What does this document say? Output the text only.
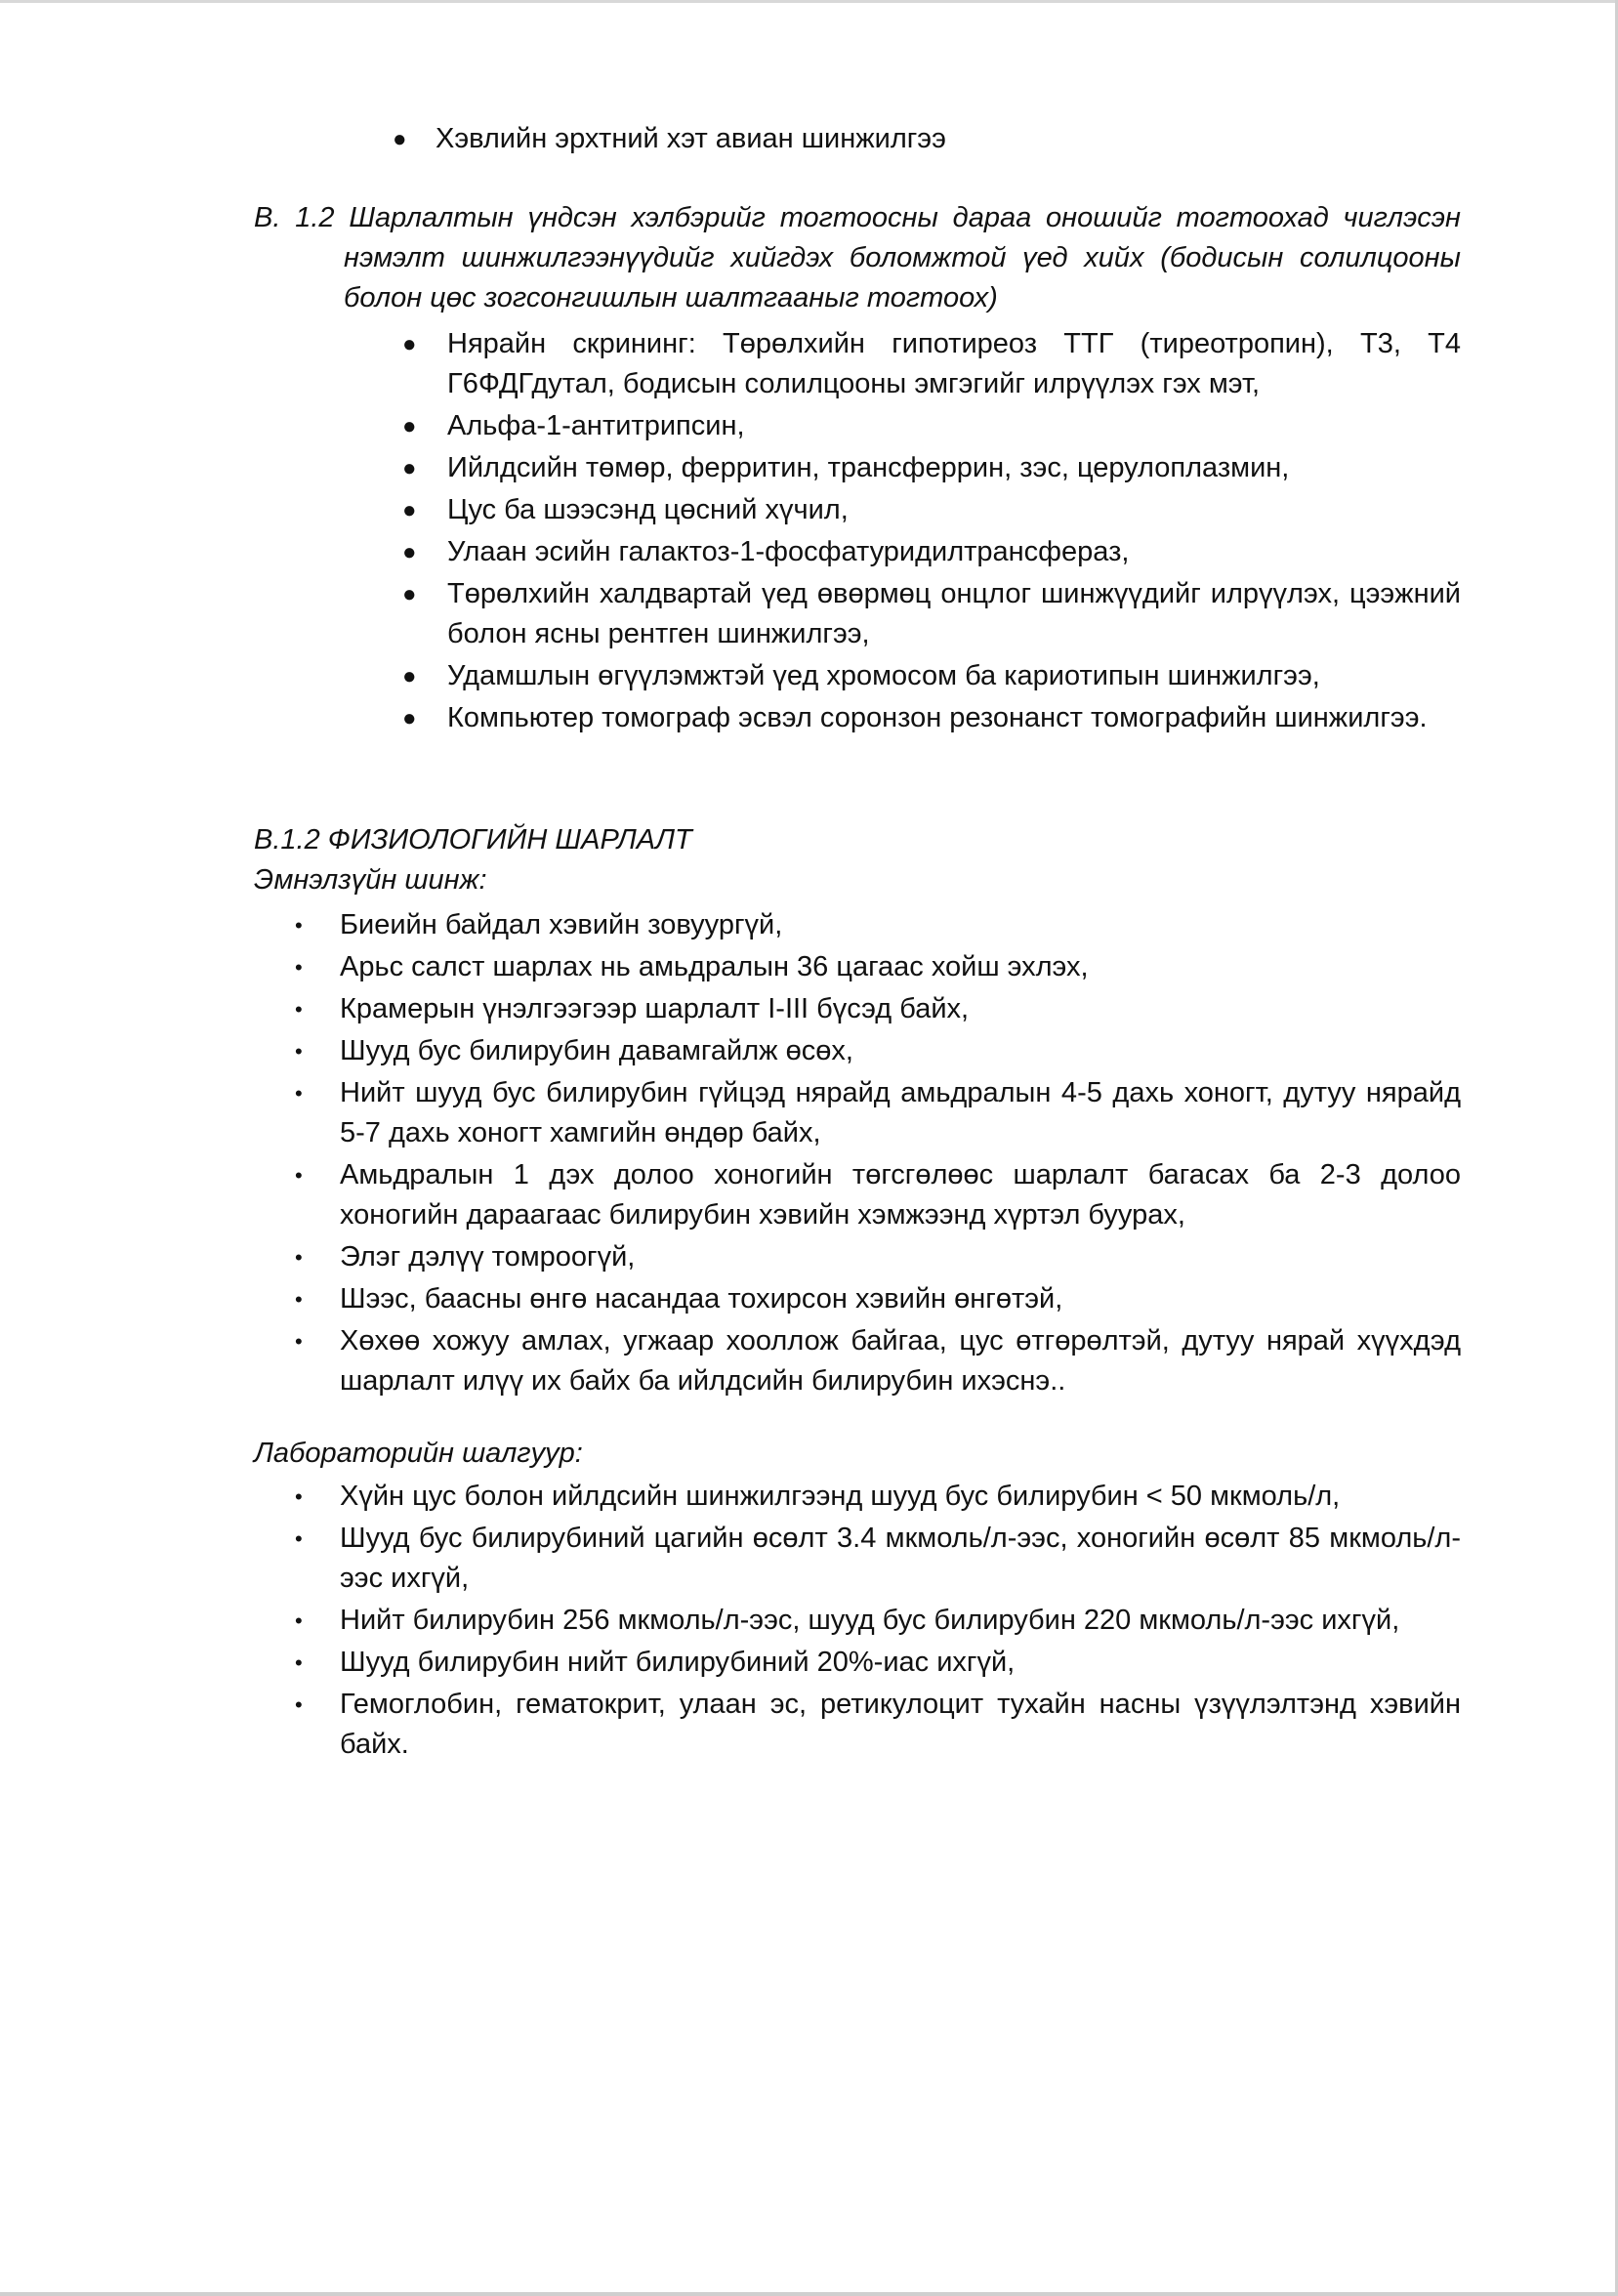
● Хэвлийн эрхтний хэт авиан шинжилгээ
В. 1.2 Шарлалтын үндсэн хэлбэрийг тогтоосны дараа оношийг тогтоохад чиглэсэн нэмэлт шинжилгээнүүдийг хийгдэх боломжтой үед хийх (бодисын солилцооны болон цөс зогсонгишлын шалтгааныг тогтоох)
● Нярайн скрининг: Төрөлхийн гипотиреоз ТТГ (тиреотропин), Т3, Т4 Г6ФДГдутал, бодисын солилцооны эмгэгийг илрүүлэх гэх мэт,
● Альфа-1-антитрипсин,
● Ийлдсийн төмөр, ферритин, трансферрин, зэс, церулоплазмин,
● Цус ба шээсэнд цөсний хүчил,
● Улаан эсийн галактоз-1-фосфатуридилтрансфераз,
● Төрөлхийн халдвартай үед өвөрмөц онцлог шинжүүдийг илрүүлэх, цээжний болон ясны рентген шинжилгээ,
● Удамшлын өгүүлэмжтэй үед хромосом ба кариотипын шинжилгээ,
● Компьютер томограф эсвэл соронзон резонанст томографийн шинжилгээ.
В.1.2 ФИЗИОЛОГИЙН ШАРЛАЛТ
Эмнэлзүйн шинж:
• Биеийн байдал хэвийн зовуургүй,
• Арьс салст шарлах нь амьдралын 36 цагаас хойш эхлэх,
• Крамерын үнэлгээгээр шарлалт I-III бүсэд байх,
• Шууд бус билирубин давамгайлж өсөх,
• Нийт шууд бус билирубин гүйцэд нярайд амьдралын 4-5 дахь хоногт, дутуу нярайд 5-7 дахь хоногт хамгийн өндөр байх,
• Амьдралын 1 дэх долоо хоногийн төгсгөлөөс шарлалт багасах ба 2-3 долоо хоногийн дараагаас билирубин хэвийн хэмжээнд хүртэл буурах,
• Элэг дэлүү томроогүй,
• Шээс, баасны өнгө насандаа тохирсон хэвийн өнгөтэй,
• Хөхөө хожуу амлах, угжаар хооллож байгаа, цус өтгөрөлтэй, дутуу нярай хүүхдэд шарлалт илүү их байх ба ийлдсийн билирубин ихэснэ..
Лабораторийн шалгуур:
• Хүйн цус болон ийлдсийн шинжилгээнд шууд бус билирубин < 50 мкмоль/л,
• Шууд бус билирубиний цагийн өсөлт 3.4 мкмоль/л-ээс, хоногийн өсөлт 85 мкмоль/л-ээс ихгүй,
• Нийт билирубин 256 мкмоль/л-ээс, шууд бус билирубин 220 мкмоль/л-ээс ихгүй,
• Шууд билирубин нийт билирубиний 20%-иас ихгүй,
• Гемоглобин, гематокрит, улаан эс, ретикулоцит тухайн насны үзүүлэлтэнд хэвийн байх.
